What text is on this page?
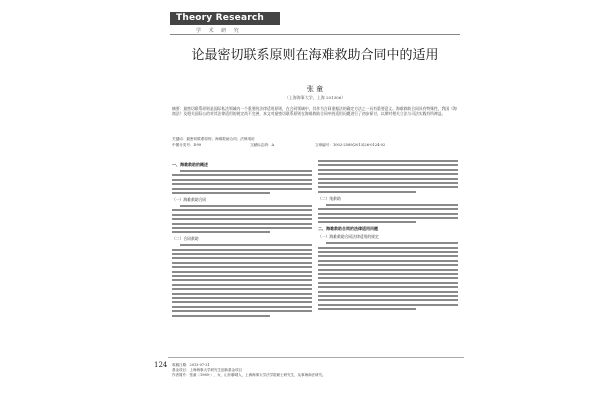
Theory Research
学 术 研 究
论最密切联系原则在海难救助合同中的适用
张 童
（上海海事大学，上海 201306）
摘要：最密切联系原则是国际私法领域内一个重要的法律适用原则，在合同领域中，其作为合同准据法的确定方法之一具有重要意义。海难救助合同具有特殊性，我国《海商法》及相关国际公约对其法律适用的规定尚不完善，本文对最密切联系原则在海难救助合同中的适用问题进行了初步探讨，以期对相关立法与司法实践有所裨益。
关键词：最密切联系原则；海难救助合同；法律适用
中图分类号：D99	文献标志码：A	文章编号：1002-2589(2013)26-0124-02
一、海难救助的概述
（一）海难救助合同
（二）合同救助
（二）纯救助
二、海难救助合同的法律适用问题
（一）海难救助合同法律适用的规定
124 收稿日期：2013-07-31
基金项目：上海海事大学研究生创新基金项目
作者简介：张童（1989-），女，山东聊城人，上海海事大学法学院硕士研究生，从事海商法研究。
